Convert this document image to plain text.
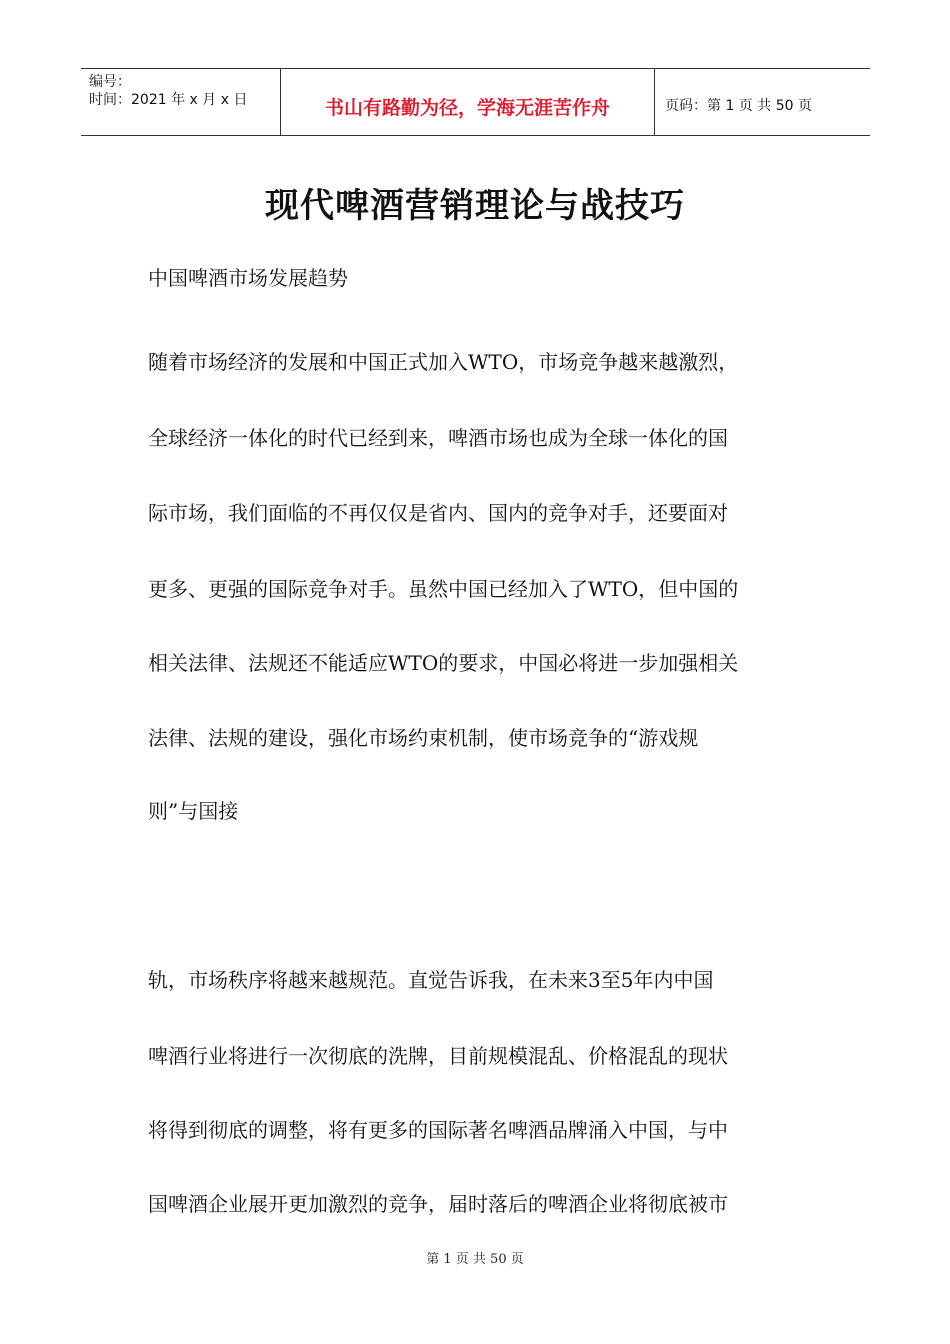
编号：
时间：2021 年 x 月 x 日	书山有路勤为径，学海无涯苦作舟	页码：第 1 页 共 50 页
现代啤酒营销理论与战技巧
中国啤酒市场发展趋势
随着市场经济的发展和中国正式加入WTO，市场竞争越来越激烈，
全球经济一体化的时代已经到来，啤酒市场也成为全球一体化的国
际市场，我们面临的不再仅仅是省内、国内的竞争对手，还要面对
更多、更强的国际竞争对手。虽然中国已经加入了WTO，但中国的
相关法律、法规还不能适应WTO的要求，中国必将进一步加强相关
法律、法规的建设，强化市场约束机制，使市场竞争的“游戏规
则”与国接
轨，市场秩序将越来越规范。直觉告诉我，在未来3至5年内中国
啤酒行业将进行一次彻底的洗牌，目前规模混乱、价格混乱的现状
将得到彻底的调整，将有更多的国际著名啤酒品牌涌入中国，与中
国啤酒企业展开更加激烈的竞争，届时落后的啤酒企业将彻底被市
第 1 页 共 50 页
